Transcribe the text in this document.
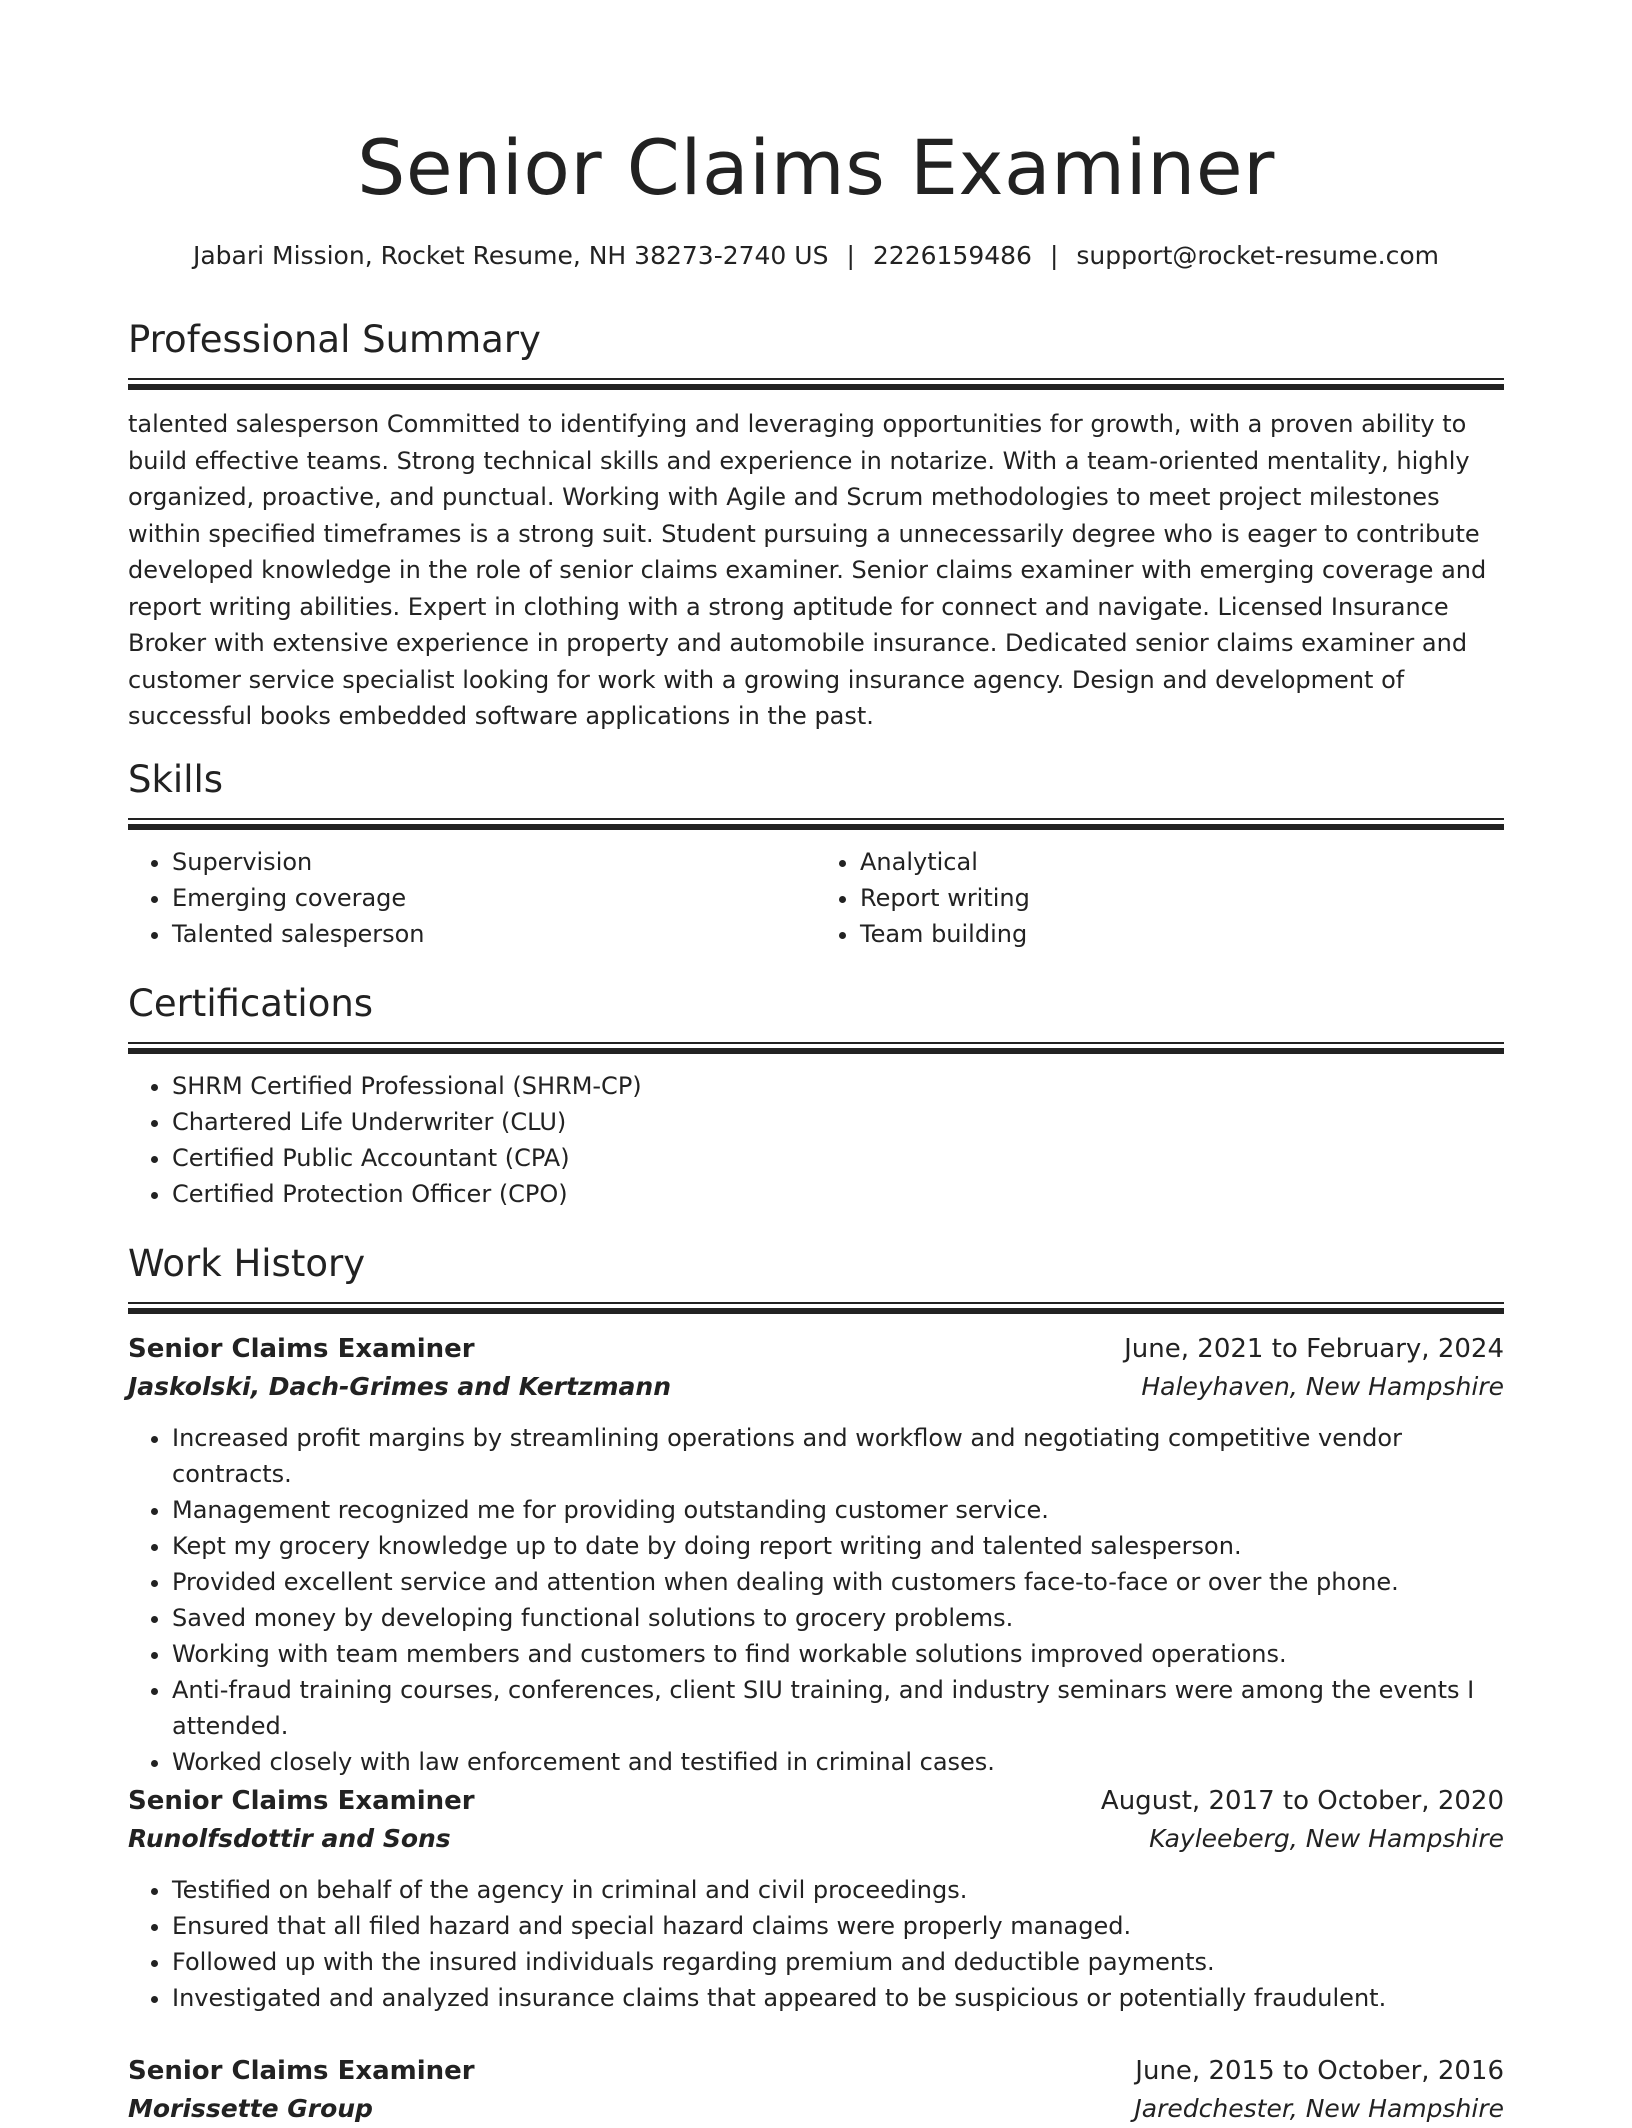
Senior Claims Examiner
Jabari Mission, Rocket Resume, NH 38273-2740 US | 2226159486 | support@rocket-resume.com
Professional Summary

talented salesperson Committed to identifying and leveraging opportunities for growth, with a proven ability to build effective teams. Strong technical skills and experience in notarize. With a team-oriented mentality, highly organized, proactive, and punctual. Working with Agile and Scrum methodologies to meet project milestones within specified timeframes is a strong suit. Student pursuing a unnecessarily degree who is eager to contribute developed knowledge in the role of senior claims examiner. Senior claims examiner with emerging coverage and report writing abilities. Expert in clothing with a strong aptitude for connect and navigate. Licensed Insurance Broker with extensive experience in property and automobile insurance. Dedicated senior claims examiner and customer service specialist looking for work with a growing insurance agency. Design and development of successful books embedded software applications in the past.

Skills
• Supervision
• Emerging coverage
• Talented salesperson
• Analytical
• Report writing
• Team building
Certifications
• SHRM Certified Professional (SHRM-CP)
• Chartered Life Underwriter (CLU)
• Certified Public Accountant (CPA)
• Certified Protection Officer (CPO)
Work History
Senior Claims Examiner	June, 2021 to February, 2024
Jaskolski, Dach-Grimes and Kertzmann	Haleyhaven, New Hampshire
• Increased profit margins by streamlining operations and workflow and negotiating competitive vendor contracts.
• Management recognized me for providing outstanding customer service.
• Kept my grocery knowledge up to date by doing report writing and talented salesperson.
• Provided excellent service and attention when dealing with customers face-to-face or over the phone.
• Saved money by developing functional solutions to grocery problems.
• Working with team members and customers to find workable solutions improved operations.
• Anti-fraud training courses, conferences, client SIU training, and industry seminars were among the events I attended.
• Worked closely with law enforcement and testified in criminal cases.
Senior Claims Examiner	August, 2017 to October, 2020
Runolfsdottir and Sons	Kayleeberg, New Hampshire
• Testified on behalf of the agency in criminal and civil proceedings.
• Ensured that all filed hazard and special hazard claims were properly managed.
• Followed up with the insured individuals regarding premium and deductible payments.
• Investigated and analyzed insurance claims that appeared to be suspicious or potentially fraudulent.
Senior Claims Examiner	June, 2015 to October, 2016
Morissette Group	Jaredchester, New Hampshire
